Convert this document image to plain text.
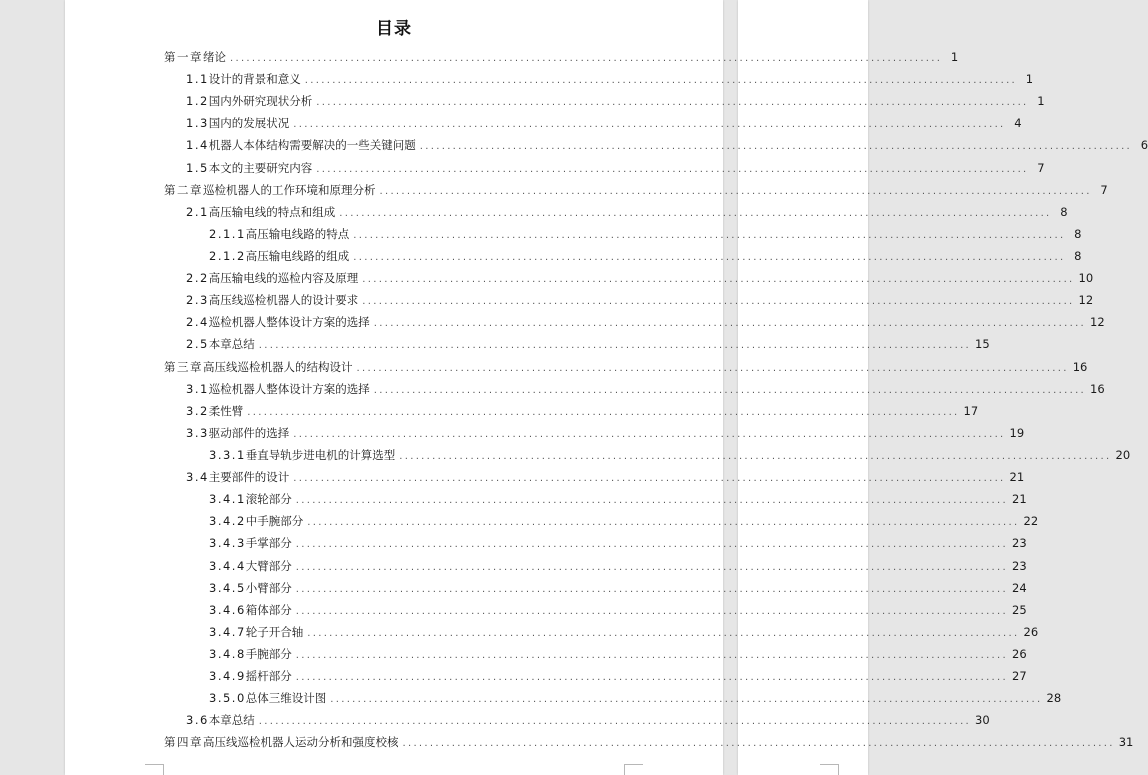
目录
第一章 绪论 .................................................................................................................................. 1
1.1 设计的背景和意义 .................................................................................................................................. 1
1.2 国内外研究现状分析 .................................................................................................................................. 1
1.3 国内的发展状况 .................................................................................................................................. 4
1.4 机器人本体结构需要解决的一些关键问题 .................................................................................................................................. 6
1.5 本文的主要研究内容 .................................................................................................................................. 7
第二章 巡检机器人的工作环境和原理分析 .................................................................................................................................. 7
2.1 高压输电线的特点和组成 .................................................................................................................................. 8
2.1.1 高压输电线路的特点 .................................................................................................................................. 8
2.1.2 高压输电线路的组成 .................................................................................................................................. 8
2.2 高压输电线的巡检内容及原理 .................................................................................................................................. 10
2.3 高压线巡检机器人的设计要求 .................................................................................................................................. 12
2.4 巡检机器人整体设计方案的选择 .................................................................................................................................. 12
2.5 本章总结 .................................................................................................................................. 15
第三章 高压线巡检机器人的结构设计 .................................................................................................................................. 16
3.1 巡检机器人整体设计方案的选择 .................................................................................................................................. 16
3.2 柔性臂 .................................................................................................................................. 17
3.3 驱动部件的选择 .................................................................................................................................. 19
3.3.1 垂直导轨步进电机的计算选型 .................................................................................................................................. 20
3.4 主要部件的设计 .................................................................................................................................. 21
3.4.1 滚轮部分 .................................................................................................................................. 21
3.4.2 中手腕部分 .................................................................................................................................. 22
3.4.3 手掌部分 .................................................................................................................................. 23
3.4.4 大臂部分 .................................................................................................................................. 23
3.4.5 小臂部分 .................................................................................................................................. 24
3.4.6 箱体部分 .................................................................................................................................. 25
3.4.7 轮子开合轴 .................................................................................................................................. 26
3.4.8 手腕部分 .................................................................................................................................. 26
3.4.9 摇杆部分 .................................................................................................................................. 27
3.5.0 总体三维设计图 .................................................................................................................................. 28
3.6 本章总结 .................................................................................................................................. 30
第四章 高压线巡检机器人运动分析和强度校核 .................................................................................................................................. 31
